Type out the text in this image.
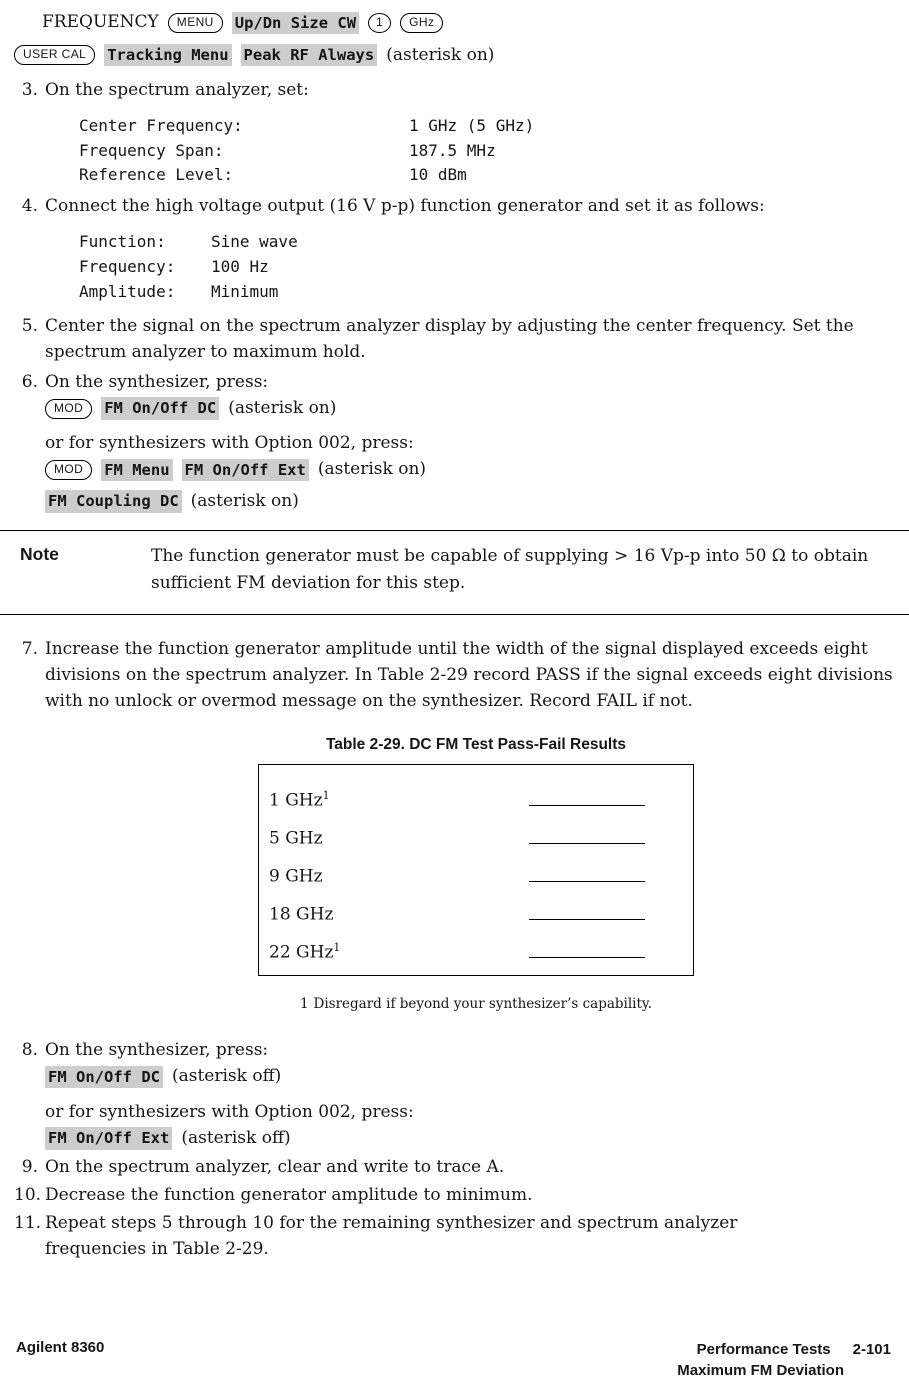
FREQUENCY	MENU	Up/Dn Size CW	1	GHz
USER CAL	Tracking Menu Peak RF Always (asterisk on)
3. On the spectrum analyzer, set:

Center Frequency:	1 GHz (5 GHz)
Frequency Span:	187.5 MHz
Reference Level:	10 dBm
4. Connect the high voltage output (16 V p-p) function generator and set it as follows:

Function:	Sine wave
Frequency:	100 Hz
Amplitude:	Minimum
5. Center the signal on the spectrum analyzer display by adjusting the center frequency. Set the spectrum analyzer to maximum hold.

6. On the synthesizer, press:

MOD	FM On/Off DC (asterisk on)

or for synthesizers with Option 002, press:

MOD	FM Menu FM On/Off Ext (asterisk on)
FM Coupling DC (asterisk on)
Note	The function generator must be capable of supplying > 16 Vp-p into 50 Ω to obtain sufficient FM deviation for this step.

7. Increase the function generator amplitude until the width of the signal displayed exceeds eight divisions on the spectrum analyzer. In Table 2-29 record PASS if the signal exceeds eight divisions with no unlock or overmod message on the synthesizer. Record FAIL if not.

Table 2-29. DC FM Test Pass-Fail Results
1 GHz$^1$
5 GHz
9 GHz
18 GHz
22 GHz$^1$
1 Disregard if beyond your synthesizer’s capability.
8. On the synthesizer, press:

FM On/Off DC (asterisk off)

or for synthesizers with Option 002, press:

FM On/Off Ext (asterisk off)
9. On the spectrum analyzer, clear and write to trace A.

10. Decrease the function generator amplitude to minimum.

11. Repeat steps 5 through 10 for the remaining synthesizer and spectrum analyzer frequencies in Table 2-29.

Agilent 8360	Performance Tests 2-101
Maximum FM Deviation
